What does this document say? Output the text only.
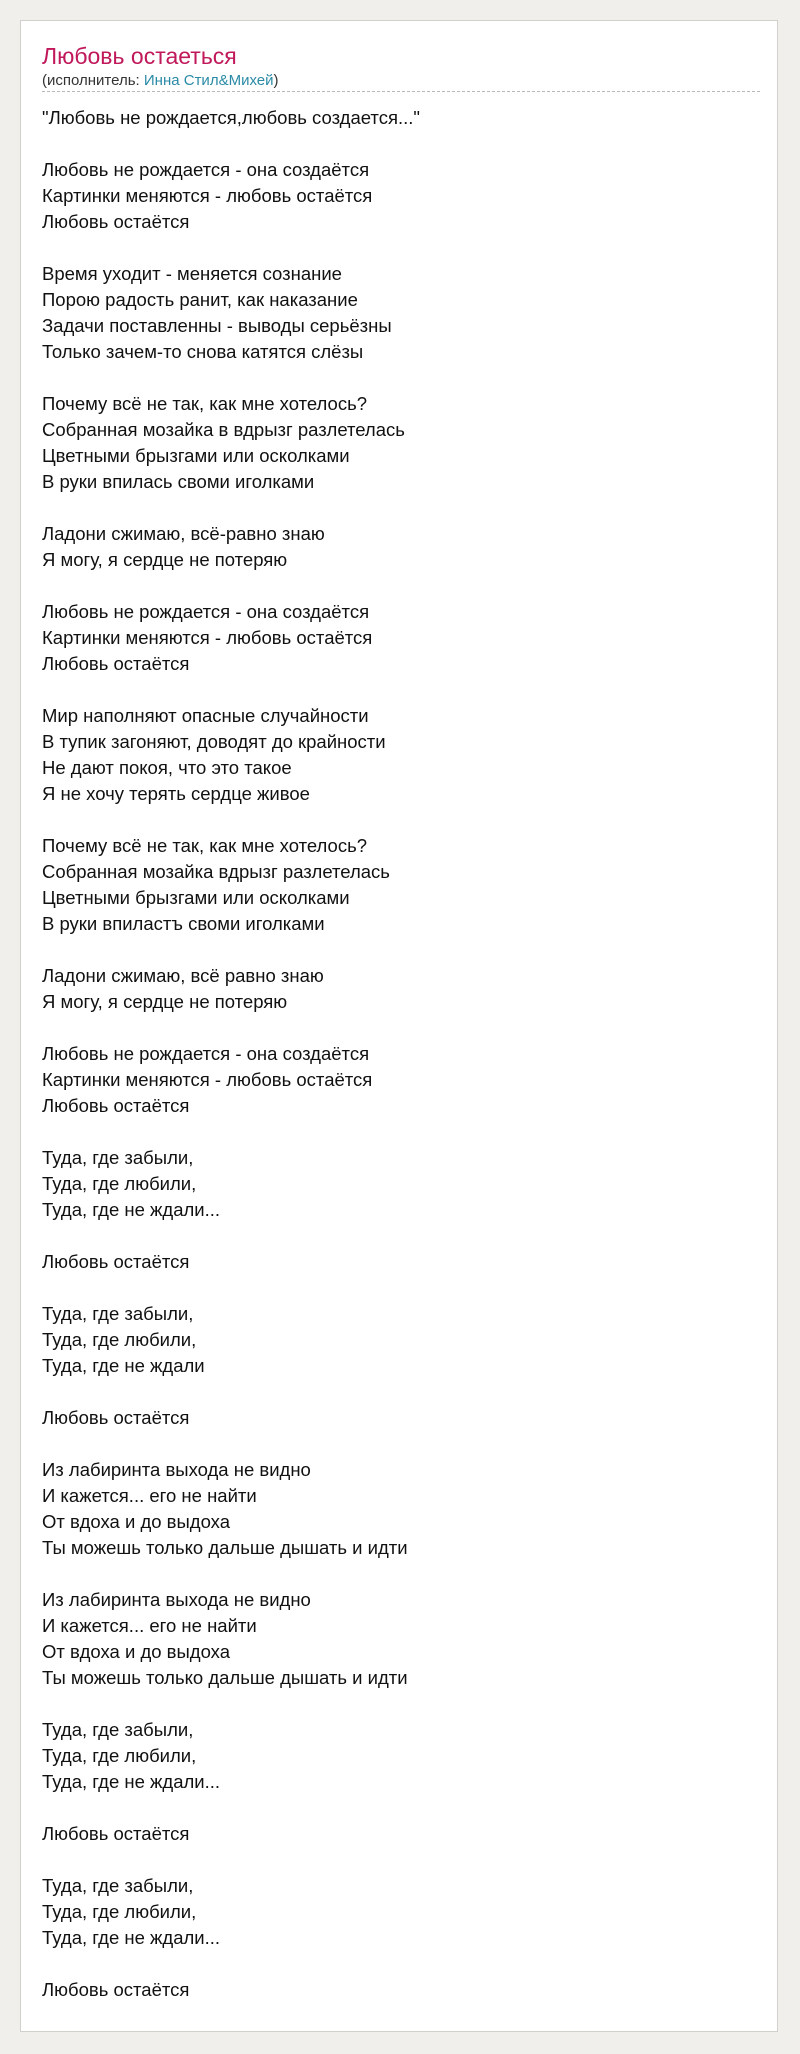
Любовь остаеться
(исполнитель: Инна Стил&Михей)
"Любовь не рождается,любовь создается..."

Любовь не рождается - она создаётся
Картинки меняются - любовь остаётся
Любовь остаётся

Время уходит - меняется сознание
Порою радость ранит, как наказание
Задачи поставленны - выводы серьёзны
Только зачем-то снова катятся слёзы

Почему всё не так, как мне хотелось?
Собранная мозайка в вдрызг разлетелась
Цветными брызгами или осколками
В руки впилась своми иголками

Ладони сжимаю, всё-равно знаю
Я могу, я сердце не потеряю

Любовь не рождается - она создаётся
Картинки меняются - любовь остаётся
Любовь остаётся

Мир наполняют опасные случайности
В тупик загоняют, доводят до крайности
Не дают покоя, что это такое
Я не хочу терять сердце живое

Почему всё не так, как мне хотелось?
Собранная мозайка вдрызг разлетелась
Цветными брызгами или осколками
В руки впиластъ своми иголками

Ладони сжимаю, всё равно знаю
Я могу, я сердце не потеряю

Любовь не рождается - она создаётся
Картинки меняются - любовь остаётся
Любовь остаётся

Туда, где забыли,
Туда, где любили,
Туда, где не ждали...

Любовь остаётся

Туда, где забыли,
Туда, где любили,
Туда, где не ждали

Любовь остаётся

Из лабиринта выхода не видно
И кажется... его не найти
От вдоха и до выдоха
Ты можешь только дальше дышать и идти

Из лабиринта выхода не видно
И кажется... его не найти
От вдоха и до выдоха
Ты можешь только дальше дышать и идти

Туда, где забыли,
Туда, где любили,
Туда, где не ждали...

Любовь остаётся

Туда, где забыли,
Туда, где любили,
Туда, где не ждали...

Любовь остаётся
